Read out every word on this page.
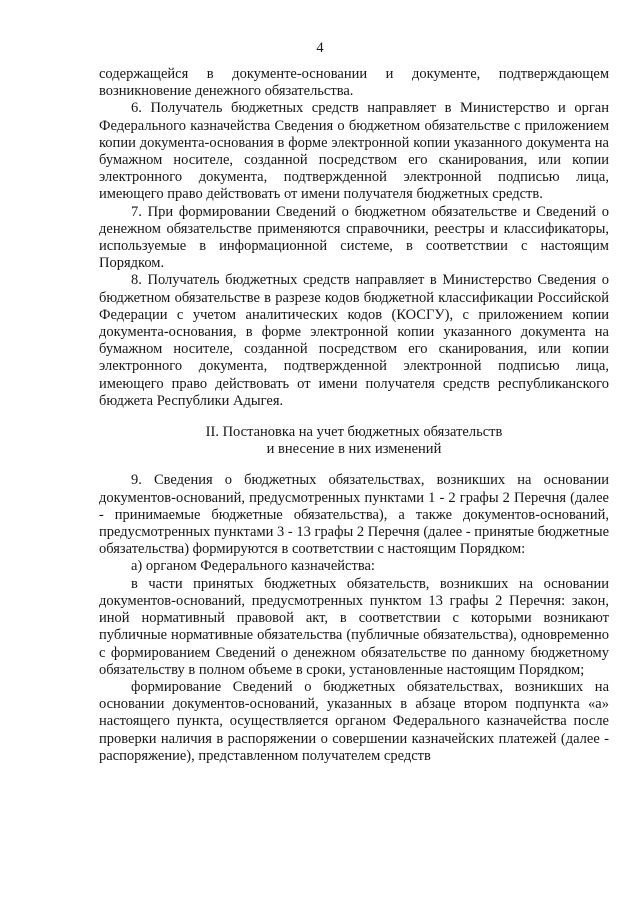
4

содержащейся в документе-основании и документе, подтверждающем возникновение денежного обязательства.

6. Получатель бюджетных средств направляет в Министерство и орган Федерального казначейства Сведения о бюджетном обязательстве с приложением копии документа-основания в форме электронной копии указанного документа на бумажном носителе, созданной посредством его сканирования, или копии электронного документа, подтвержденной электронной подписью лица, имеющего право действовать от имени получателя бюджетных средств.

7. При формировании Сведений о бюджетном обязательстве и Сведений о денежном обязательстве применяются справочники, реестры и классификаторы, используемые в информационной системе, в соответствии с настоящим Порядком.

8. Получатель бюджетных средств направляет в Министерство Сведения о бюджетном обязательстве в разрезе кодов бюджетной классификации Российской Федерации с учетом аналитических кодов (КОСГУ), с приложением копии документа-основания, в форме электронной копии указанного документа на бумажном носителе, созданной посредством его сканирования, или копии электронного документа, подтвержденной электронной подписью лица, имеющего право действовать от имени получателя средств республиканского бюджета Республики Адыгея.

II. Постановка на учет бюджетных обязательств
и внесение в них изменений

9. Сведения о бюджетных обязательствах, возникших на основании документов-оснований, предусмотренных пунктами 1 - 2 графы 2 Перечня (далее - принимаемые бюджетные обязательства), а также документов-оснований, предусмотренных пунктами 3 - 13 графы 2 Перечня (далее - принятые бюджетные обязательства) формируются в соответствии с настоящим Порядком:

а) органом Федерального казначейства:

в части принятых бюджетных обязательств, возникших на основании документов-оснований, предусмотренных пунктом 13 графы 2 Перечня: закон, иной нормативный правовой акт, в соответствии с которыми возникают публичные нормативные обязательства (публичные обязательства), одновременно с формированием Сведений о денежном обязательстве по данному бюджетному обязательству в полном объеме в сроки, установленные настоящим Порядком;

формирование Сведений о бюджетных обязательствах, возникших на основании документов-оснований, указанных в абзаце втором подпункта «а» настоящего пункта, осуществляется органом Федерального казначейства после проверки наличия в распоряжении о совершении казначейских платежей (далее - распоряжение), представленном получателем средств
